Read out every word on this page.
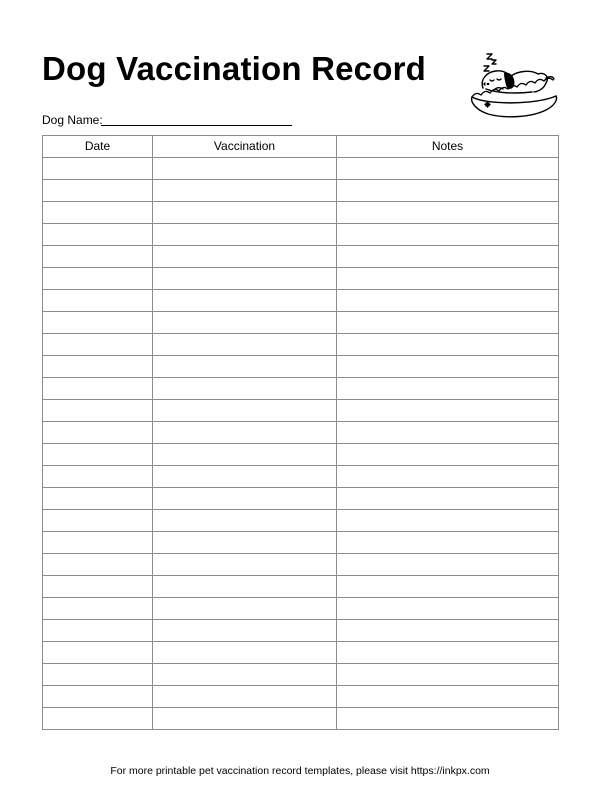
Dog Vaccination Record
Dog Name:
Date	Vaccination	Notes

For more printable pet vaccination record templates, please visit https://inkpx.com
